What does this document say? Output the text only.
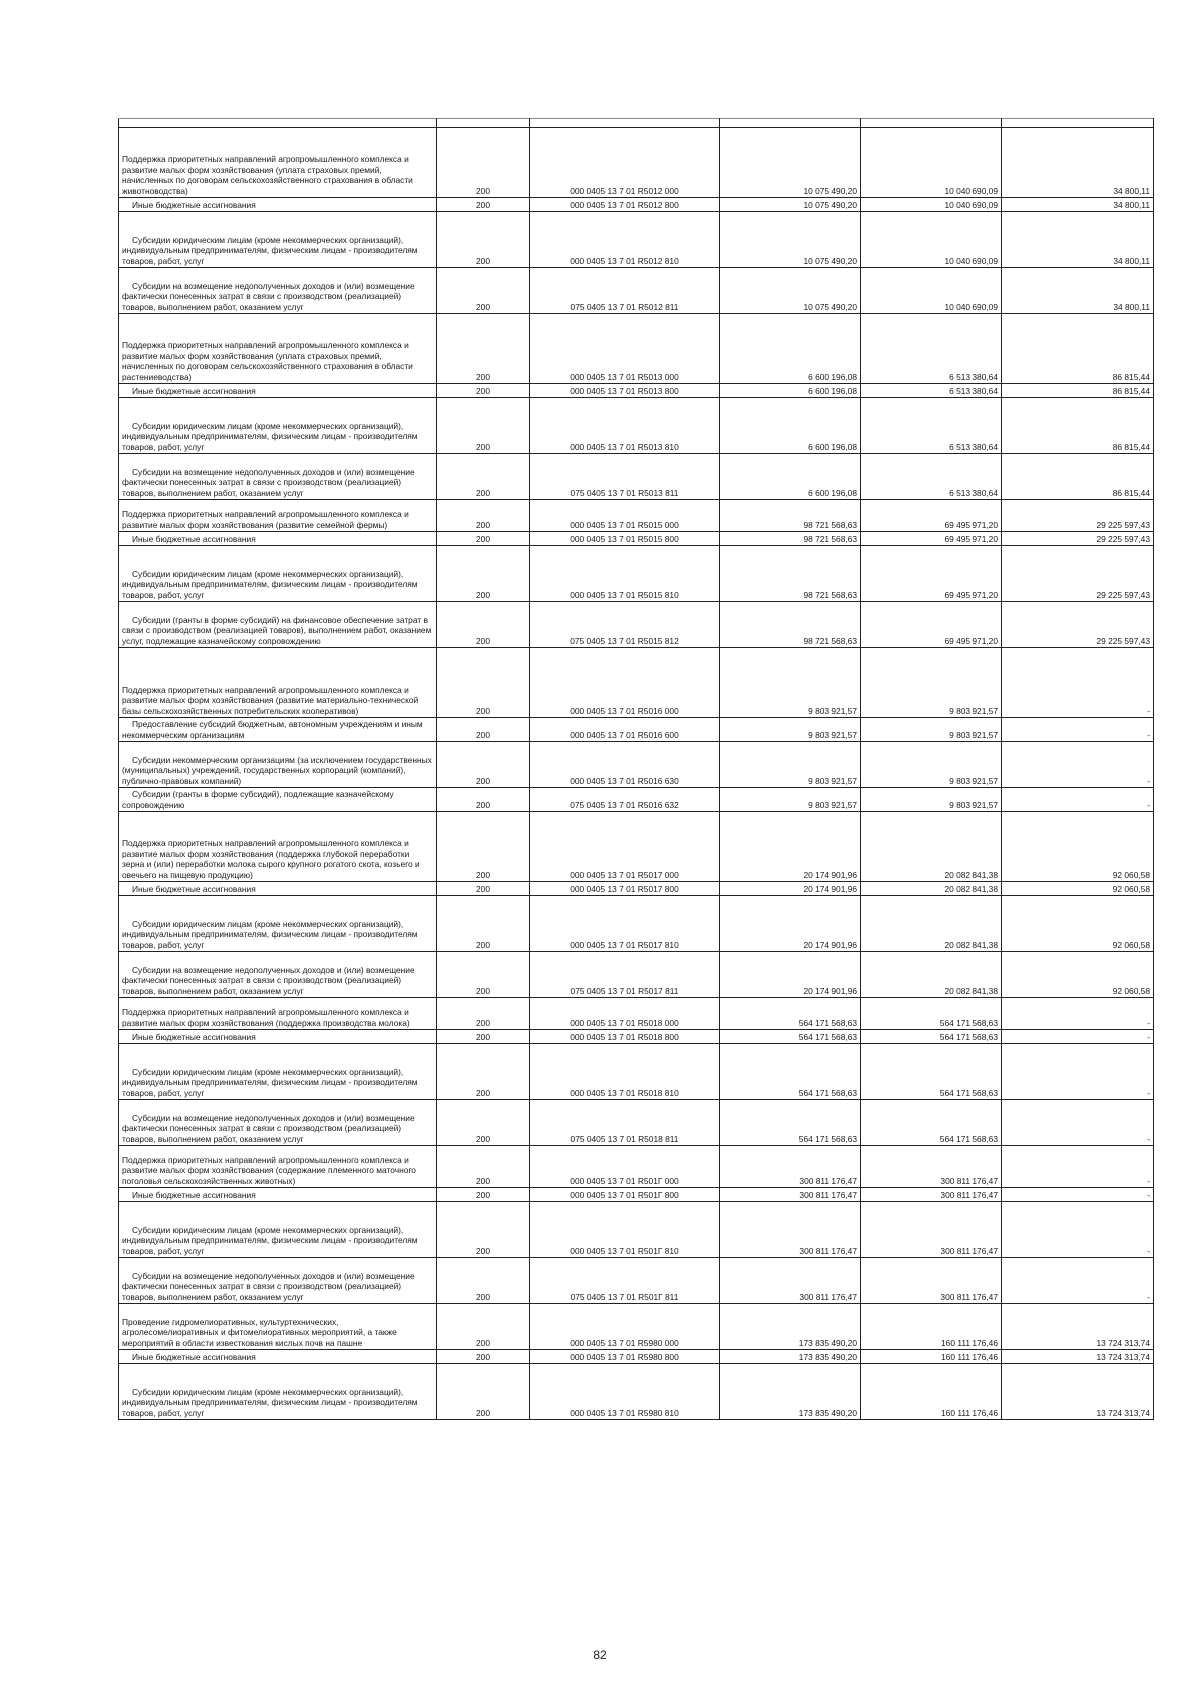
Поддержка приоритетных направлений агропромышленного комплекса и развитие малых форм хозяйствования (уплата страховых премий, начисленных по договорам сельскохозяйственного страхования в области животноводства)	200	000 0405 13 7 01 R5012 000	10 075 490,20	10 040 690,09	34 800,11

Иные бюджетные ассигнования	200	000 0405 13 7 01 R5012 800	10 075 490,20	10 040 690,09	34 800,11

Субсидии юридическим лицам (кроме некоммерческих организаций), индивидуальным предпринимателям, физическим лицам - производителям товаров, работ, услуг	200	000 0405 13 7 01 R5012 810	10 075 490,20	10 040 690,09	34 800,11

Субсидии на возмещение недополученных доходов и (или) возмещение фактически понесенных затрат в связи с производством (реализацией) товаров, выполнением работ, оказанием услуг	200	075 0405 13 7 01 R5012 811	10 075 490,20	10 040 690,09	34 800,11

Поддержка приоритетных направлений агропромышленного комплекса и развитие малых форм хозяйствования (уплата страховых премий, начисленных по договорам сельскохозяйственного страхования в области растениеводства)	200	000 0405 13 7 01 R5013 000	6 600 196,08	6 513 380,64	86 815,44

Иные бюджетные ассигнования	200	000 0405 13 7 01 R5013 800	6 600 196,08	6 513 380,64	86 815,44

Субсидии юридическим лицам (кроме некоммерческих организаций), индивидуальным предпринимателям, физическим лицам - производителям товаров, работ, услуг	200	000 0405 13 7 01 R5013 810	6 600 196,08	6 513 380,64	86 815,44

Субсидии на возмещение недополученных доходов и (или) возмещение фактически понесенных затрат в связи с производством (реализацией) товаров, выполнением работ, оказанием услуг	200	075 0405 13 7 01 R5013 811	6 600 196,08	6 513 380,64	86 815,44

Поддержка приоритетных направлений агропромышленного комплекса и развитие малых форм хозяйствования (развитие семейной фермы)	200	000 0405 13 7 01 R5015 000	98 721 568,63	69 495 971,20	29 225 597,43

Иные бюджетные ассигнования	200	000 0405 13 7 01 R5015 800	98 721 568,63	69 495 971,20	29 225 597,43

Субсидии юридическим лицам (кроме некоммерческих организаций), индивидуальным предпринимателям, физическим лицам - производителям товаров, работ, услуг	200	000 0405 13 7 01 R5015 810	98 721 568,63	69 495 971,20	29 225 597,43

Субсидии (гранты в форме субсидий) на финансовое обеспечение затрат в связи с производством (реализацией товаров), выполнением работ, оказанием услуг, подлежащие казначейскому сопровождению	200	075 0405 13 7 01 R5015 812	98 721 568,63	69 495 971,20	29 225 597,43

Поддержка приоритетных направлений агропромышленного комплекса и развитие малых форм хозяйствования (развитие материально-технической базы сельскохозяйственных потребительских кооперативов)	200	000 0405 13 7 01 R5016 000	9 803 921,57	9 803 921,57	-

Предоставление субсидий бюджетным, автономным учреждениям и иным некоммерческим организациям	200	000 0405 13 7 01 R5016 600	9 803 921,57	9 803 921,57	-

Субсидии некоммерческим организациям (за исключением государственных (муниципальных) учреждений, государственных корпораций (компаний), публично-правовых компаний)	200	000 0405 13 7 01 R5016 630	9 803 921,57	9 803 921,57	-

Субсидии (гранты в форме субсидий), подлежащие казначейскому сопровождению	200	075 0405 13 7 01 R5016 632	9 803 921,57	9 803 921,57	-

Поддержка приоритетных направлений агропромышленного комплекса и развитие малых форм хозяйствования (поддержка глубокой переработки зерна и (или) переработки молока сырого крупного рогатого скота, козьего и овечьего на пищевую продукцию)	200	000 0405 13 7 01 R5017 000	20 174 901,96	20 082 841,38	92 060,58

Иные бюджетные ассигнования	200	000 0405 13 7 01 R5017 800	20 174 901,96	20 082 841,38	92 060,58

Субсидии юридическим лицам (кроме некоммерческих организаций), индивидуальным предпринимателям, физическим лицам - производителям товаров, работ, услуг	200	000 0405 13 7 01 R5017 810	20 174 901,96	20 082 841,38	92 060,58

Субсидии на возмещение недополученных доходов и (или) возмещение фактически понесенных затрат в связи с производством (реализацией) товаров, выполнением работ, оказанием услуг	200	075 0405 13 7 01 R5017 811	20 174 901,96	20 082 841,38	92 060,58

Поддержка приоритетных направлений агропромышленного комплекса и развитие малых форм хозяйствования (поддержка производства молока)	200	000 0405 13 7 01 R5018 000	564 171 568,63	564 171 568,63	-

Иные бюджетные ассигнования	200	000 0405 13 7 01 R5018 800	564 171 568,63	564 171 568,63	-

Субсидии юридическим лицам (кроме некоммерческих организаций), индивидуальным предпринимателям, физическим лицам - производителям товаров, работ, услуг	200	000 0405 13 7 01 R5018 810	564 171 568,63	564 171 568,63	-

Субсидии на возмещение недополученных доходов и (или) возмещение фактически понесенных затрат в связи с производством (реализацией) товаров, выполнением работ, оказанием услуг	200	075 0405 13 7 01 R5018 811	564 171 568,63	564 171 568,63	-

Поддержка приоритетных направлений агропромышленного комплекса и развитие малых форм хозяйствования (содержание племенного маточного поголовья сельскохозяйственных животных)	200	000 0405 13 7 01 R501Г 000	300 811 176,47	300 811 176,47	-

Иные бюджетные ассигнования	200	000 0405 13 7 01 R501Г 800	300 811 176,47	300 811 176,47	-

Субсидии юридическим лицам (кроме некоммерческих организаций), индивидуальным предпринимателям, физическим лицам - производителям товаров, работ, услуг	200	000 0405 13 7 01 R501Г 810	300 811 176,47	300 811 176,47	-

Субсидии на возмещение недополученных доходов и (или) возмещение фактически понесенных затрат в связи с производством (реализацией) товаров, выполнением работ, оказанием услуг	200	075 0405 13 7 01 R501Г 811	300 811 176,47	300 811 176,47	-

Проведение гидромелиоративных, культуртехнических, агролесомелиоративных и фитомелиоративных мероприятий, а также мероприятий в области известкования кислых почв на пашне	200	000 0405 13 7 01 R5980 000	173 835 490,20	160 111 176,46	13 724 313,74

Иные бюджетные ассигнования	200	000 0405 13 7 01 R5980 800	173 835 490,20	160 111 176,46	13 724 313,74

Субсидии юридическим лицам (кроме некоммерческих организаций), индивидуальным предпринимателям, физическим лицам - производителям товаров, работ, услуг	200	000 0405 13 7 01 R5980 810	173 835 490,20	160 111 176,46	13 724 313,74
82
